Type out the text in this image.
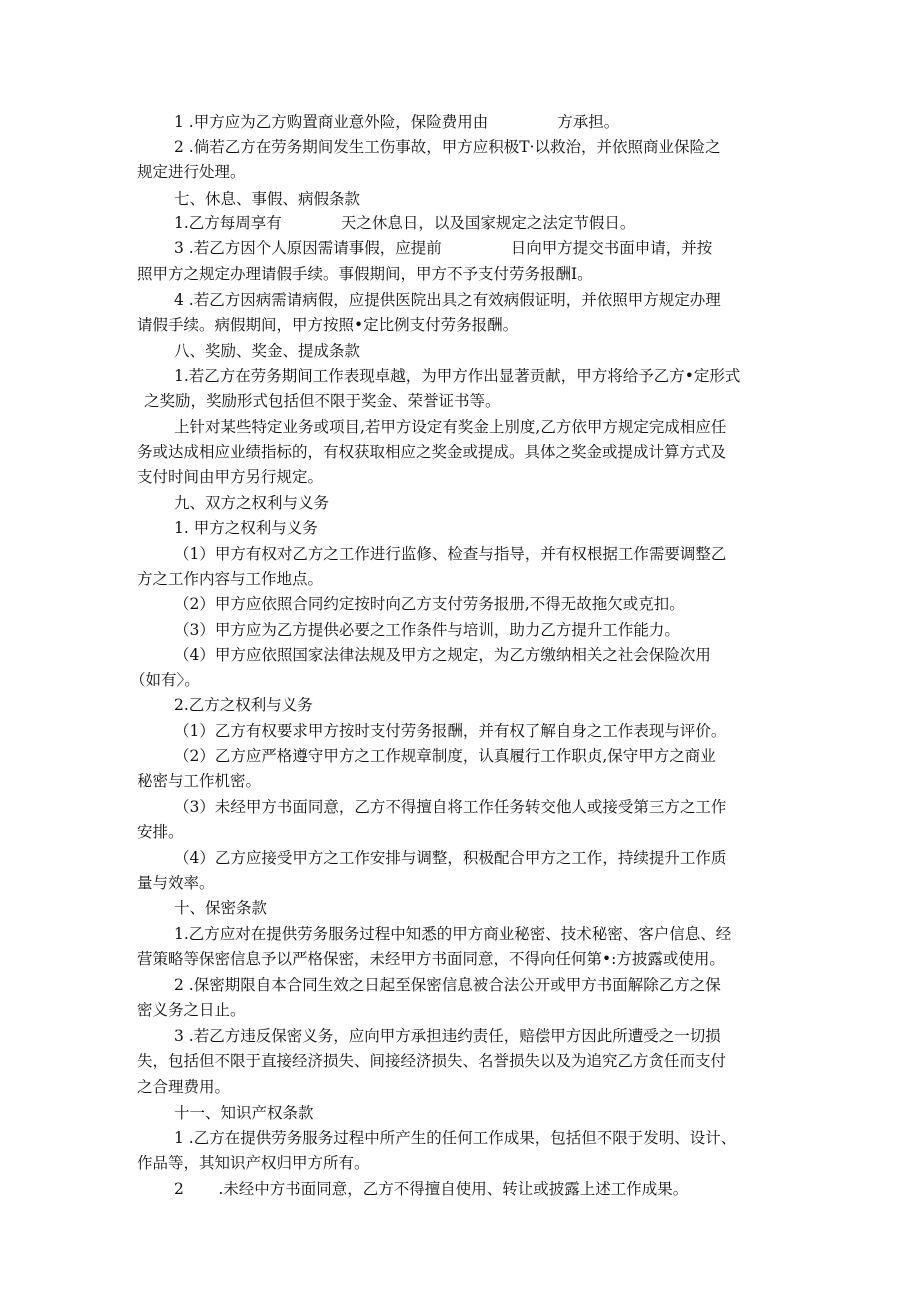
1 .甲方应为乙方购置商业意外险，保险费用由              方承担。
2 .倘若乙方在劳务期间发生工伤事故，甲方应积极T·以救治，并依照商业保险之
规定进行处理。
七、休息、事假、病假条款
1.乙方每周享有            天之休息日，以及国家规定之法定节假日。
3 .若乙方因个人原因需请事假，应提前              日向甲方提交书面申请，并按
照甲方之规定办理请假手续。事假期间，甲方不予支付劳务报酬I。
4 .若乙方因病需请病假，应提供医院出具之有效病假证明，并依照甲方规定办理
请假手续。病假期间，甲方按照•定比例支付劳务报酬。
八、奖励、奖金、提成条款
1.若乙方在劳务期间工作表现卓越，为甲方作出显著贡献，甲方将给予乙方•定形式
之奖励，奖励形式包括但不限于奖金、荣誉证书等。
上针对某些特定业务或项目,若甲方设定有奖金上別度,乙方依甲方规定完成相应任
务或达成相应业绩指标的，有权获取相应之奖金或提成。具体之奖金或提成计算方式及
支付时间由甲方另行规定。
九、双方之权利与义务
1. 甲方之权利与义务
（1）甲方有权对乙方之工作进行监修、检查与指导，并有权根据工作需要调整乙
方之工作内容与工作地点。
（2）甲方应依照合同约定按时向乙方支付劳务报册,不得无故拖欠或克扣。
（3）甲方应为乙方提供必要之工作条件与培训，助力乙方提升工作能力。
（4）甲方应依照国家法律法规及甲方之规定，为乙方缴纳相关之社会保险次用
（如有〉。
2.乙方之权利与义务
（1）乙方有权要求甲方按时支付劳务报酬，并有权了解自身之工作表现与评价。
（2）乙方应严格遵守甲方之工作规章制度，认真履行工作职贞,保守甲方之商业
秘密与工作机密。
（3）未经甲方书面同意，乙方不得擅自将工作任务转交他人或接受第三方之工作
安排。
（4）乙方应接受甲方之工作安排与调整，积极配合甲方之工作，持续提升工作质
量与效率。
十、保密条款
1.乙方应对在提供劳务服务过程中知悉的甲方商业秘密、技术秘密、客户信息、经
营策略等保密信息予以严格保密，未经甲方书面同意，不得向任何第•:方披露或使用。
2 .保密期限自本合同生效之日起至保密信息被合法公开或甲方书面解除乙方之保
密义务之日止。
3 .若乙方违反保密义务，应向甲方承担违约责任，赔偿甲方因此所遭受之一切损
失，包括但不限于直接经济损失、间接经济损失、名誉损失以及为追究乙方贪任而支付
之合理费用。
十一、知识产权条款
1 .乙方在提供劳务服务过程中所产生的任何工作成果，包括但不限于发明、设计、
作品等，其知识产权归甲方所有。
2       .未经中方书面同意，乙方不得擅自使用、转让或披露上述工作成果。
